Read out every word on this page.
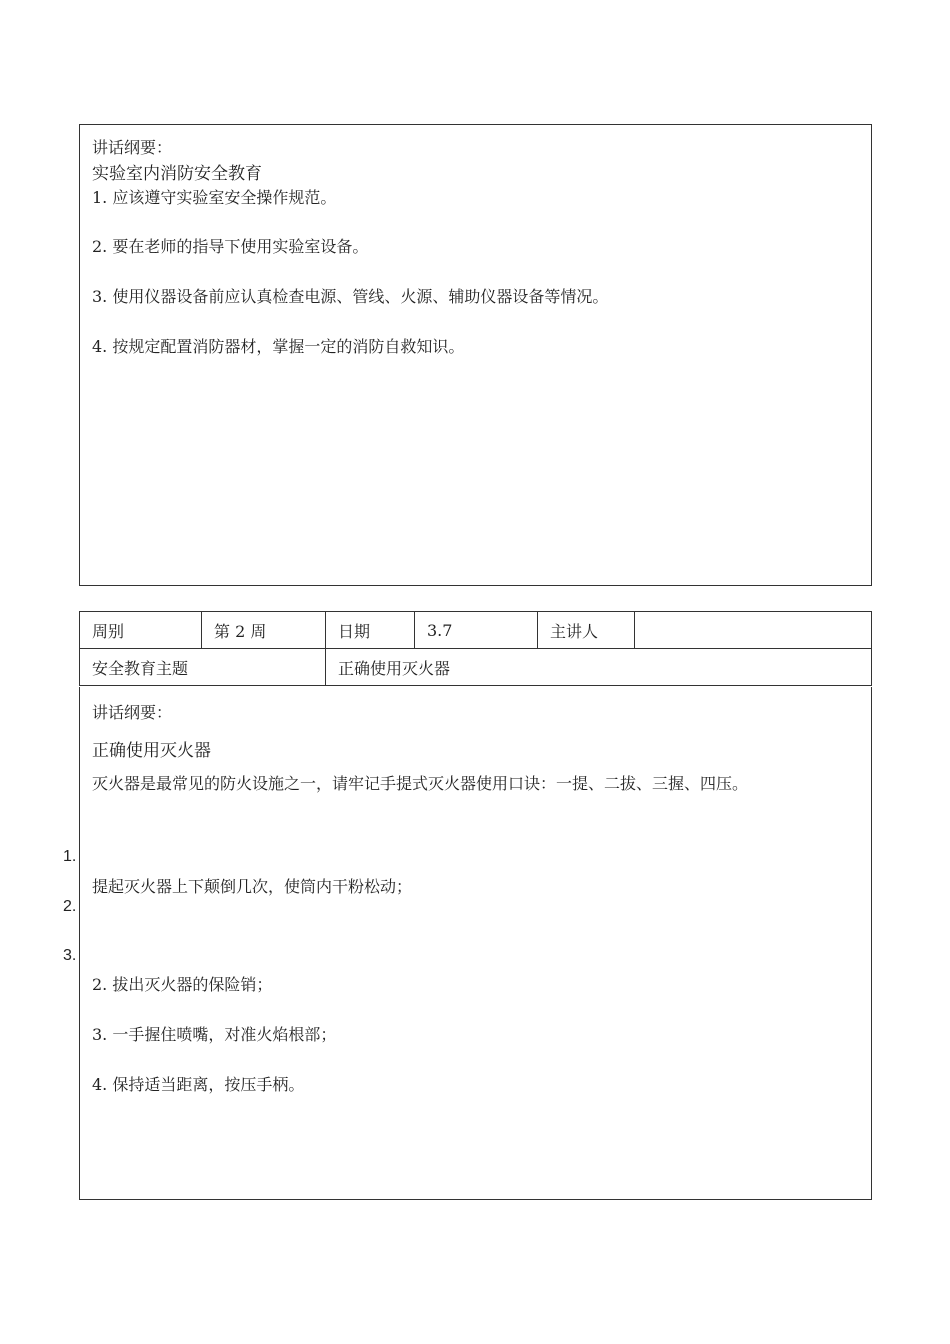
讲话纲要：
实验室内消防安全教育
1. 应该遵守实验室安全操作规范。
2. 要在老师的指导下使用实验室设备。
3. 使用仪器设备前应认真检查电源、管线、火源、辅助仪器设备等情况。
4. 按规定配置消防器材，掌握一定的消防自救知识。
周别	第 2 周	日期	3.7	主讲人	
安全教育主题		正确使用灭火器			
讲话纲要：
正确使用灭火器
灭火器是最常见的防火设施之一，请牢记手提式灭火器使用口诀：一提、二拔、三握、四压。
1.
2.
3.
提起灭火器上下颠倒几次，使筒内干粉松动；
2. 拔出灭火器的保险销；
3. 一手握住喷嘴，对准火焰根部；
4. 保持适当距离，按压手柄。
